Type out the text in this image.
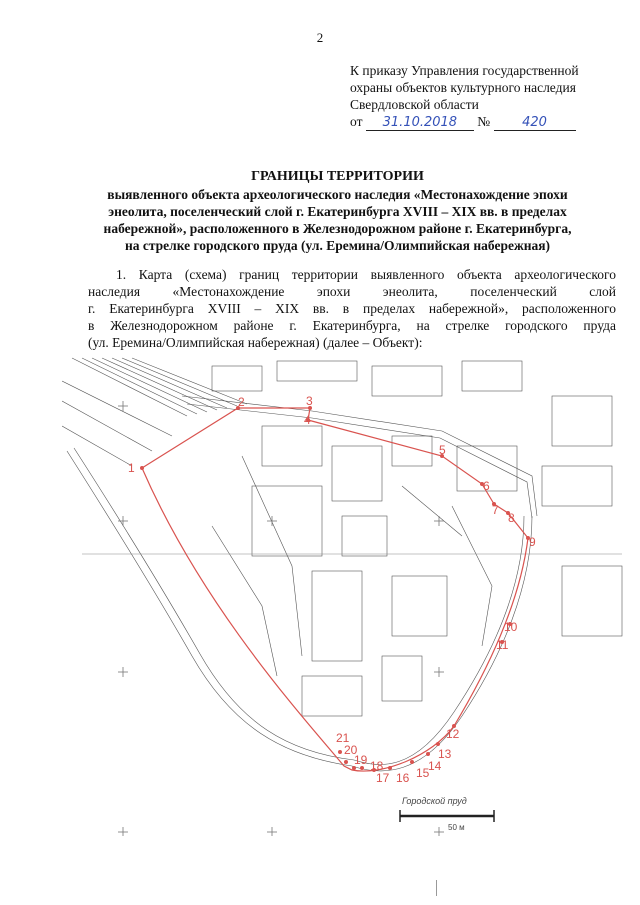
2
К приказу Управления государственной
охраны объектов культурного наследия
Свердловской области
от 31.10.2018 № 420
ГРАНИЦЫ ТЕРРИТОРИИ
выявленного объекта археологического наследия «Местонахождение эпохи
энеолита, поселенческий слой г. Екатеринбурга XVIII – XIX вв. в пределах
набережной», расположенного в Железнодорожном районе г. Екатеринбурга,
на стрелке городского пруда (ул. Еремина/Олимпийская набережная)
1. Карта (схема) границ территории выявленного объекта археологического
наследия «Местонахождение эпохи энеолита, поселенческий слой
г. Екатеринбурга XVIII – XIX вв. в пределах набережной», расположенного
в Железнодорожном районе г. Екатеринбурга, на стрелке городского пруда
(ул. Еремина/Олимпийская набережная) (далее – Объект):
1
2	3
4
5
6
7
8
9
10
11
12
13
14
15
16
17
18
19
20
21
Городской пруд
50 м
